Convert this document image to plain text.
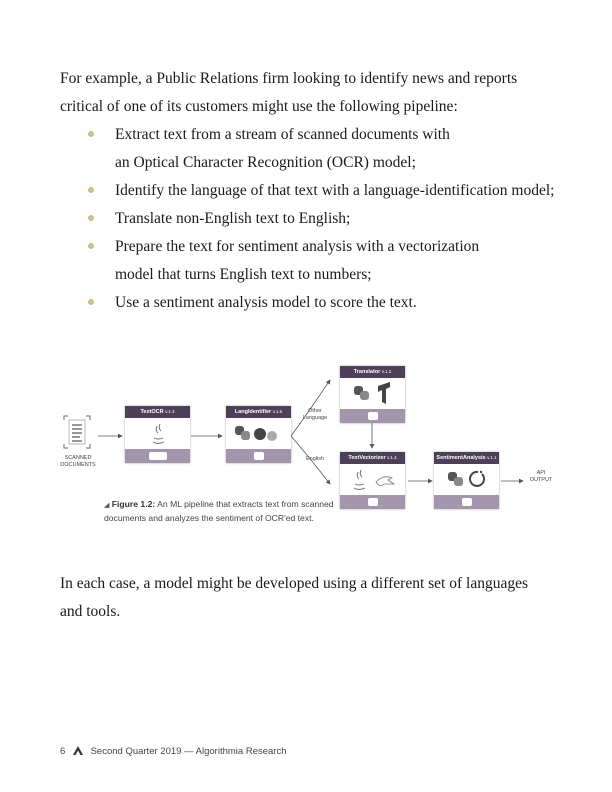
For example, a Public Relations firm looking to identify news and reports

critical of one of its customers might use the following pipeline:

Extract text from a stream of scanned documents with

an Optical Character Recognition (OCR) model;

Identify the language of that text with a language-identification model;

Translate non-English text to English;

Prepare the text for sentiment analysis with a vectorization

model that turns English text to numbers;

Use a sentiment analysis model to score the text.

SCANNED
DOCUMENTS
TextOCR v.1.3	LangIdentifier v.1.6
Translator v.1.2
TextVectorizer v.1.4	SentimentAnalysis v.1.1
Other
Language
English
API
OUTPUT
◢ Figure 1.2: An ML pipeline that extracts text from scanned documents and analyzes the sentiment of OCR'ed text.

In each case, a model might be developed using a different set of languages

and tools.

6	Second Quarter 2019 — Algorithmia Research
